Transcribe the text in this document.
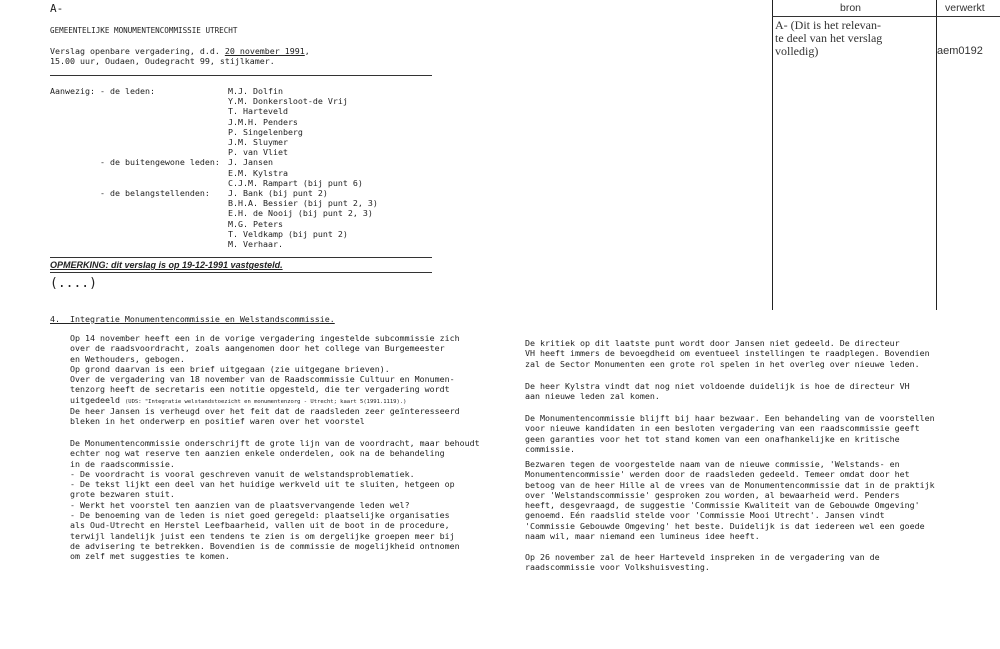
A-
GEMEENTELIJKE MONUMENTENCOMMISSIE UTRECHT
Verslag openbare vergadering, d.d. 20 november 1991,
15.00 uur, Oudaen, Oudegracht 99, stijlkamer.
Aanwezig: - de leden:	M.J. Dolfin
Y.M. Donkersloot-de Vrij
T. Harteveld
J.M.H. Penders
P. Singelenberg
J.M. Sluymer
P. van Vliet
- de buitengewone leden: J. Jansen
E.M. Kylstra
C.J.M. Rampart (bij punt 6)
- de belangstellenden: J. Bank (bij punt 2)
B.H.A. Bessier (bij punt 2, 3)
E.H. de Nooij (bij punt 2, 3)
M.G. Peters
T. Veldkamp (bij punt 2)
M. Verhaar.
OPMERKING: dit verslag is op 19-12-1991 vastgesteld.
(....)
4.  Integratie Monumentencommissie en Welstandscommissie.
Op 14 november heeft een in de vorige vergadering ingestelde subcommissie zich
over de raadsvoordracht, zoals aangenomen door het college van Burgemeester
en Wethouders, gebogen.
Op grond daarvan is een brief uitgegaan (zie uitgegane brieven).
Over de vergadering van 18 november van de Raadscommissie Cultuur en Monumen-
tenzorg heeft de secretaris een notitie opgesteld, die ter vergadering wordt
uitgedeeld (UDS: "Integratie welstandstoezicht en monumentenzorg - Utrecht; kaart 5(1991.1119).)
De heer Jansen is verheugd over het feit dat de raadsleden zeer geïnteresseerd
bleken in het onderwerp en positief waren over het voorstel
De Monumentencommissie onderschrijft de grote lijn van de voordracht, maar behoudt
echter nog wat reserve ten aanzien enkele onderdelen, ook na de behandeling
in de raadscommissie.
- De voordracht is vooral geschreven vanuit de welstandsproblematiek.
- De tekst lijkt een deel van het huidige werkveld uit te sluiten, hetgeen op
grote bezwaren stuit.
- Werkt het voorstel ten aanzien van de plaatsvervangende leden wel?
- De benoeming van de leden is niet goed geregeld: plaatselijke organisaties
als Oud-Utrecht en Herstel Leefbaarheid, vallen uit de boot in de procedure,
terwijl landelijk juist een tendens te zien is om dergelijke groepen meer bij
de advisering te betrekken. Bovendien is de commissie de mogelijkheid ontnomen
om zelf met suggesties te komen.
De kritiek op dit laatste punt wordt door Jansen niet gedeeld. De directeur
VH heeft immers de bevoegdheid om eventueel instellingen te raadplegen. Bovendien
zal de Sector Monumenten een grote rol spelen in het overleg over nieuwe leden.
De heer Kylstra vindt dat nog niet voldoende duidelijk is hoe de directeur VH
aan nieuwe leden zal komen.
De Monumentencommissie blijft bij haar bezwaar. Een behandeling van de voorstellen
voor nieuwe kandidaten in een besloten vergadering van een raadscommissie geeft
geen garanties voor het tot stand komen van een onafhankelijke en kritische
commissie.
Bezwaren tegen de voorgestelde naam van de nieuwe commissie, 'Welstands- en
Monumentencommissie' werden door de raadsleden gedeeld. Temeer omdat door het
betoog van de heer Hille al de vrees van de Monumentencommissie dat in de praktijk
over 'Welstandscommissie' gesproken zou worden, al bewaarheid werd. Penders
heeft, desgevraagd, de suggestie 'Commissie Kwaliteit van de Gebouwde Omgeving'
genoemd. Eén raadslid stelde voor 'Commissie Mooi Utrecht'. Jansen vindt
'Commissie Gebouwde Omgeving' het beste. Duidelijk is dat iedereen wel een goede
naam wil, maar niemand een lumineus idee heeft.
Op 26 november zal de heer Harteveld inspreken in de vergadering van de
raadscommissie voor Volkshuisvesting.
bron	verwerkt
A- (Dit is het relevan-
te deel van het verslag
volledig)	aem0192
